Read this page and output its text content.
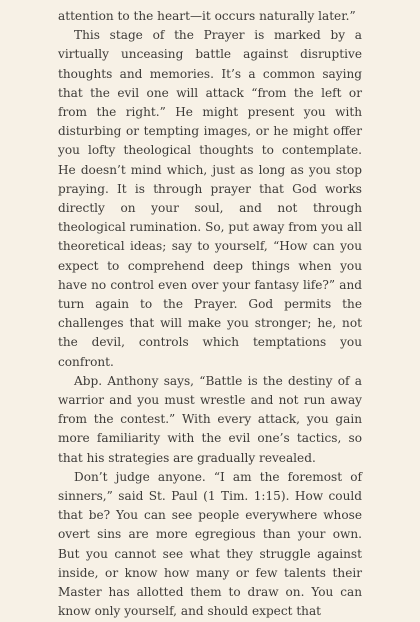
attention to the heart—it occurs naturally later.”

This stage of the Prayer is marked by a virtually unceasing battle against disruptive thoughts and memories. It’s a common saying that the evil one will attack “from the left or from the right.” He might present you with disturbing or tempting images, or he might offer you lofty theological thoughts to contemplate. He doesn’t mind which, just as long as you stop praying. It is through prayer that God works directly on your soul, and not through theological rumination. So, put away from you all theoretical ideas; say to yourself, “How can you expect to comprehend deep things when you have no control even over your fantasy life?” and turn again to the Prayer. God permits the challenges that will make you stronger; he, not the devil, controls which temptations you confront.

Abp. Anthony says, “Battle is the destiny of a warrior and you must wrestle and not run away from the contest.” With every attack, you gain more familiarity with the evil one’s tactics, so that his strategies are gradually revealed.

Don’t judge anyone. “I am the foremost of sinners,” said St. Paul (1 Tim. 1:15). How could that be? You can see people everywhere whose overt sins are more egregious than your own. But you cannot see what they struggle against inside, or know how many or few talents their Master has allotted them to draw on. You can know only yourself, and should expect that
